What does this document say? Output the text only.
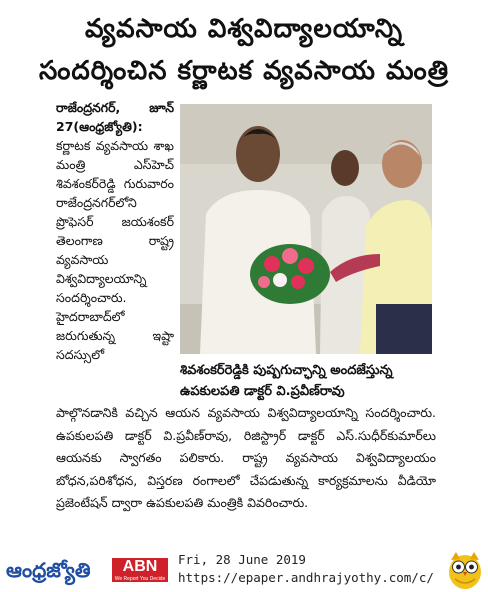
వ్యవసాయ విశ్వవిద్యాలయాన్ని
సందర్శించిన కర్ణాటక వ్యవసాయ మంత్రి
రాజేంద్రనగర్, జూన్ 27(ఆంధ్రజ్యోతి): కర్ణాటక వ్యవసాయ శాఖ మంత్రి ఎస్‌హెచ్ శివశంకర్‌రెడ్డి గురువారం రాజేంద్రనగర్‌లోని ప్రొఫెసర్ జయశంకర్ తెలంగాణ రాష్ట్ర వ్యవసాయ విశ్వవిద్యాలయాన్ని సందర్శించారు. హైదరాబాద్‌లో జరుగుతున్న ఇష్టా సదస్సులో
శివశంకర్‌రెడ్డికి పుష్పగుచ్ఛాన్ని అందజేస్తున్న ఉపకులపతి డాక్టర్ వి.ప్రవీణ్‌రావు
పాల్గొనడానికి వచ్చిన ఆయన వ్యవసాయ విశ్వవిద్యాలయాన్ని సందర్శించారు. ఉపకులపతి డాక్టర్ వి.ప్రవీణ్‌రావు, రిజిస్ట్రార్ డాక్టర్ ఎస్.సుధీర్‌కుమార్‌లు ఆయనకు స్వాగతం పలికారు. రాష్ట్ర వ్యవసాయ విశ్వవిద్యాలయం బోధన,పరిశోధన, విస్తరణ రంగాలలో చేపడుతున్న కార్యక్రమాలను వీడియో ప్రజెంటేషన్ ద్వారా ఉపకులపతి మంత్రికి వివరించారు.
ఆంధ్రజ్యోతి	ABN
We Report You Decide
Fri, 28 June 2019
https://epaper.andhrajyothy.com/c/
